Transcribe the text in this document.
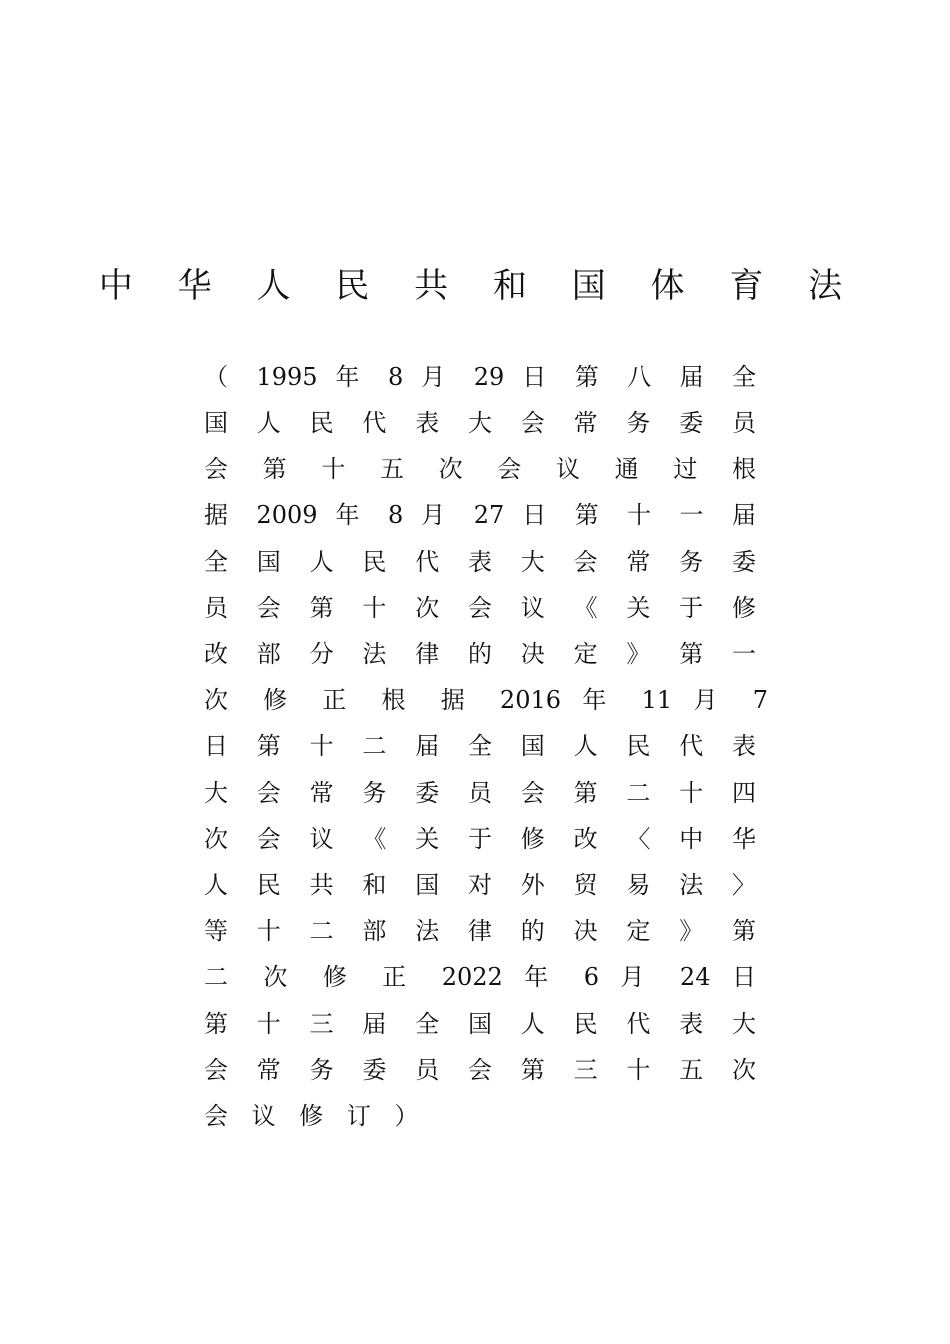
中 华 人 民 共 和 国 体 育 法
（ 1995 年 8 月 29 日 第 八 届 全
国 人 民 代 表 大 会 常 务 委 员
会 第 十 五 次 会 议 通 过 根
据 2009 年 8 月 27 日 第 十 一 届
全 国 人 民 代 表 大 会 常 务 委
员 会 第 十 次 会 议 《 关 于 修
改 部 分 法 律 的 决 定 》 第 一
次 修 正 根 据 2016 年 11 月 7
日 第 十 二 届 全 国 人 民 代 表
大 会 常 务 委 员 会 第 二 十 四
次 会 议 《 关 于 修 改 〈 中 华
人 民 共 和 国 对 外 贸 易 法 〉
等 十 二 部 法 律 的 决 定 》 第
二 次 修 正 2022 年 6 月 24 日
第 十 三 届 全 国 人 民 代 表 大
会 常 务 委 员 会 第 三 十 五 次
会 议 修 订 ）
